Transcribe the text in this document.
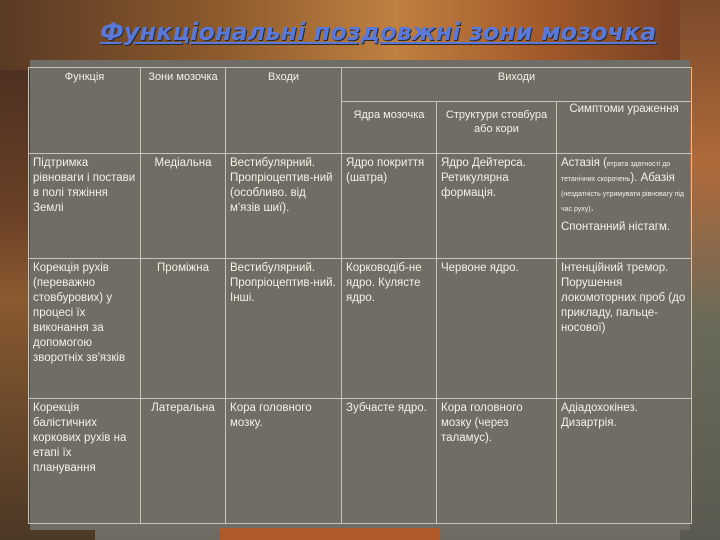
Функціональні поздовжні зони мозочка
Функція	Зони мозочка	Входи	Виходи		
			Ядра мозочка	Структури стовбура або кори	Симптоми ураження
Підтримка рівноваги і постави в полі тяжіння Землі	Медіальна	Вестибулярний. Пропріоцептив-ний (особливо. від м'язів шиї).	Ядро покриття (шатра)	Ядро Дейтерса. Ретикулярна формація.	Астазія (втрата здатності до тетанічних скорочень). Абазія (нездатність утримувати рівновагу під час руху).
Спонтанний ністагм.

Корекція рухів (переважно стовбурових) у процесі їх виконання за допомогою зворотніх зв'язків	Проміжна	Вестибулярний. Пропріоцептив-ний. Інші.	Корководіб-не ядро. Кулясте ядро.	Червоне ядро.	Інтенційний тремор. Порушення локомоторних проб (до прикладу, пальце-носової)
Корекція балістичних коркових рухів на етапі їх планування	Латеральна	Кора головного мозку.	Зубчасте ядро.	Кора головного мозку (через таламус).	Адіадохокінез. Дизартрія.
